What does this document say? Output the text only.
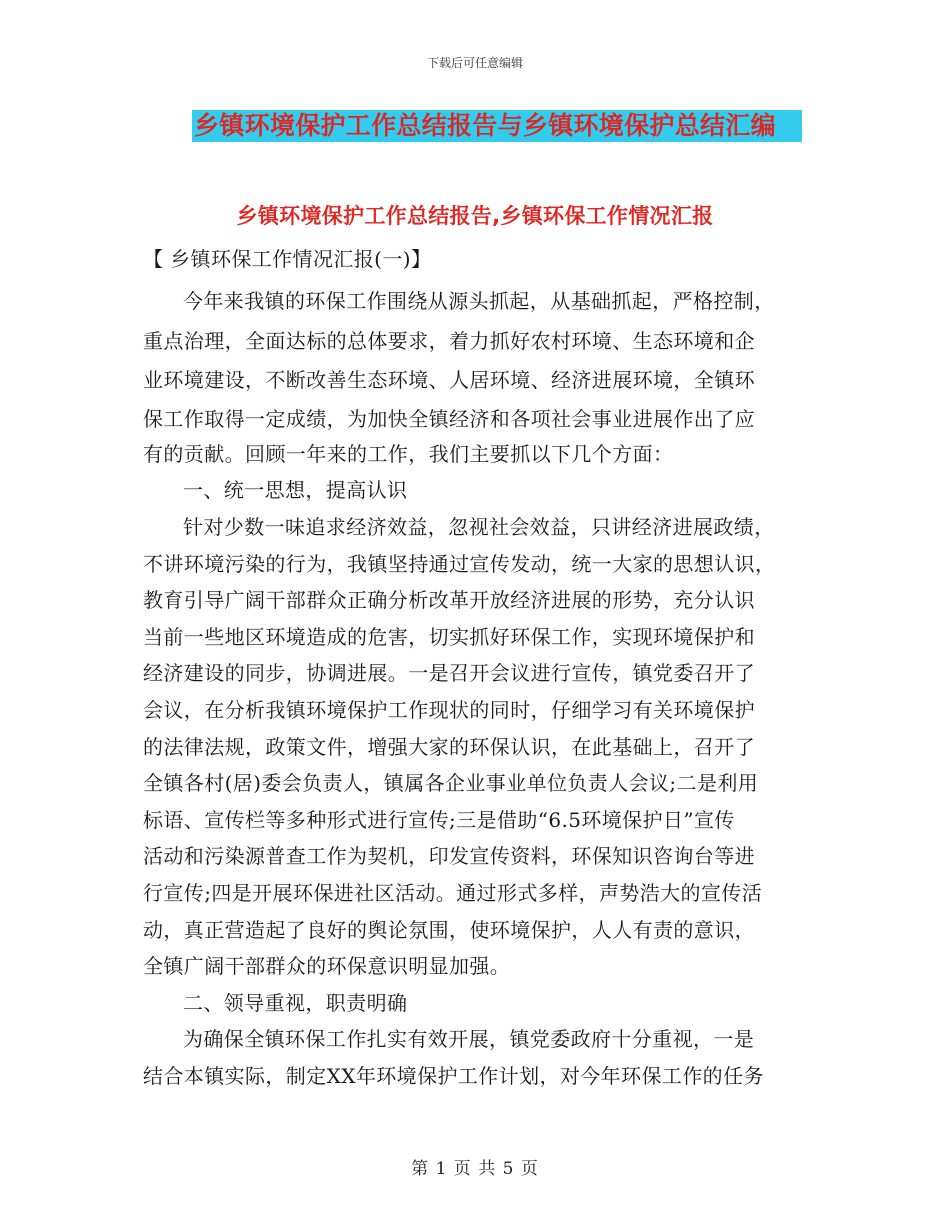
下载后可任意编辑
乡镇环境保护工作总结报告与乡镇环境保护总结汇编
乡镇环境保护工作总结报告,乡镇环保工作情况汇报
【 乡镇环保工作情况汇报(一)】
今年来我镇的环保工作围绕从源头抓起，从基础抓起，严格控制，
重点治理，全面达标的总体要求，着力抓好农村环境、生态环境和企
业环境建设，不断改善生态环境、人居环境、经济进展环境，全镇环
保工作取得一定成绩，为加快全镇经济和各项社会事业进展作出了应
有的贡献。回顾一年来的工作，我们主要抓以下几个方面：
一、统一思想，提高认识
针对少数一味追求经济效益，忽视社会效益，只讲经济进展政绩，
不讲环境污染的行为，我镇坚持通过宣传发动，统一大家的思想认识，
教育引导广阔干部群众正确分析改革开放经济进展的形势，充分认识
当前一些地区环境造成的危害，切实抓好环保工作，实现环境保护和
经济建设的同步，协调进展。一是召开会议进行宣传，镇党委召开了
会议，在分析我镇环境保护工作现状的同时，仔细学习有关环境保护
的法律法规，政策文件，增强大家的环保认识，在此基础上，召开了
全镇各村(居)委会负责人，镇属各企业事业单位负责人会议;二是利用
标语、宣传栏等多种形式进行宣传;三是借助“6.5环境保护日”宣传
活动和污染源普查工作为契机，印发宣传资料，环保知识咨询台等进
行宣传;四是开展环保进社区活动。通过形式多样，声势浩大的宣传活
动，真正营造起了良好的舆论氛围，使环境保护，人人有责的意识，
全镇广阔干部群众的环保意识明显加强。
二、领导重视，职责明确
为确保全镇环保工作扎实有效开展，镇党委政府十分重视，一是
结合本镇实际，制定XX年环境保护工作计划，对今年环保工作的任务
第 1 页 共 5 页
